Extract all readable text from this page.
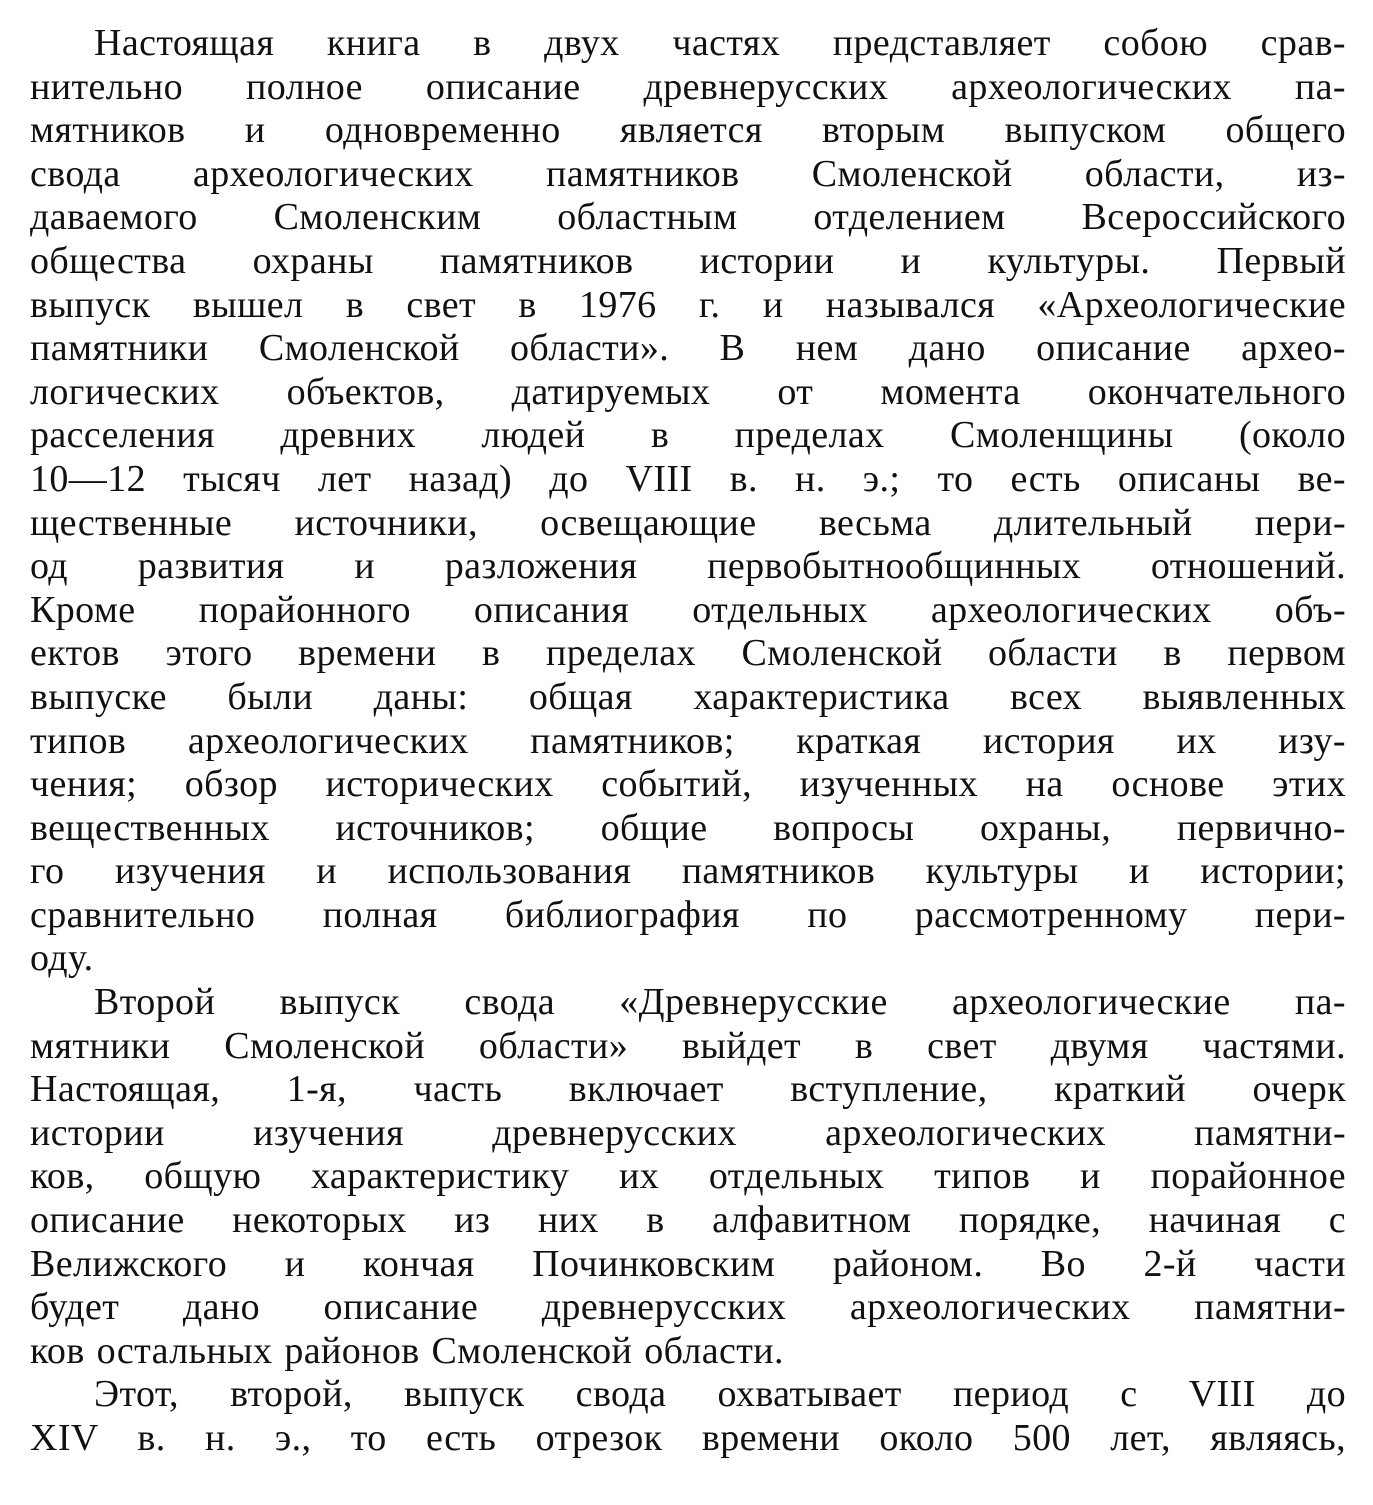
Настоящая книга в двух частях представляет собою срав-
нительно полное описание древнерусских археологических па-
мятников и одновременно является вторым выпуском общего
свода археологических памятников Смоленской области, из-
даваемого Смоленским областным отделением Всероссийского
общества охраны памятников истории и культуры. Первый
выпуск вышел в свет в 1976 г. и назывался «Археологические
памятники Смоленской области». В нем дано описание архео-
логических объектов, датируемых от момента окончательного
расселения древних людей в пределах Смоленщины (около
10—12 тысяч лет назад) до VIII в. н. э.; то есть описаны ве-
щественные источники, освещающие весьма длительный пери-
од развития и разложения первобытнообщинных отношений.
Кроме порайонного описания отдельных археологических объ-
ектов этого времени в пределах Смоленской области в первом
выпуске были даны: общая характеристика всех выявленных
типов археологических памятников; краткая история их изу-
чения; обзор исторических событий, изученных на основе этих
вещественных источников; общие вопросы охраны, первично-
го изучения и использования памятников культуры и истории;
сравнительно полная библиография по рассмотренному пери-
оду.
Второй выпуск свода «Древнерусские археологические па-
мятники Смоленской области» выйдет в свет двумя частями.
Настоящая, 1-я, часть включает вступление, краткий очерк
истории изучения древнерусских археологических памятни-
ков, общую характеристику их отдельных типов и порайонное
описание некоторых из них в алфавитном порядке, начиная с
Велижского и кончая Починковским районом. Во 2-й части
будет дано описание древнерусских археологических памятни-
ков остальных районов Смоленской области.
Этот, второй, выпуск свода охватывает период с VIII до
XIV в. н. э., то есть отрезок времени около 500 лет, являясь,
